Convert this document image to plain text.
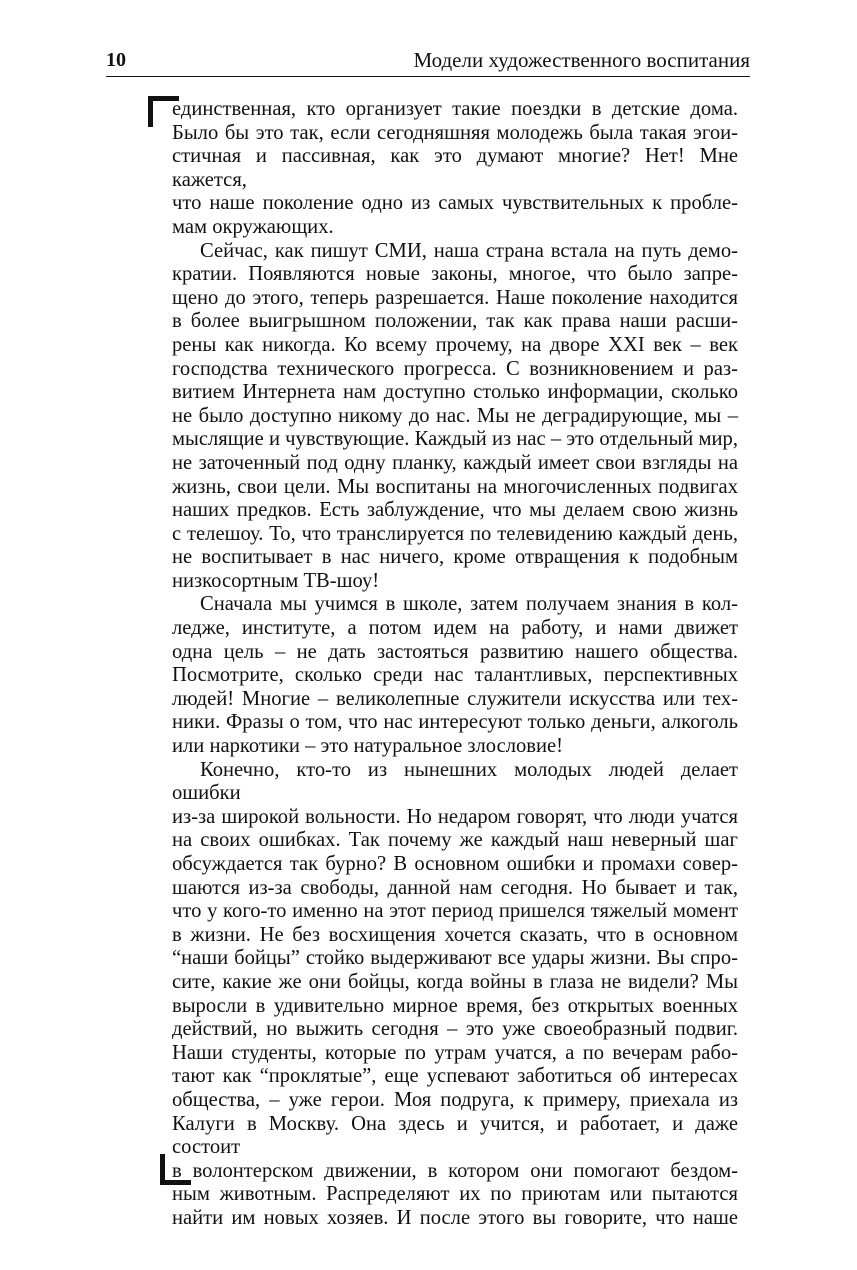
10	Модели художественного воспитания

единственная, кто организует такие поездки в детские дома.

Было бы это так, если сегодняшняя молодежь была такая эгои-

стичная и пассивная, как это думают многие? Нет! Мне кажется,

что наше поколение одно из самых чувствительных к пробле-

мам окружающих.

Сейчас, как пишут СМИ, наша страна встала на путь демо-

кратии. Появляются новые законы, многое, что было запре-

щено до этого, теперь разрешается. Наше поколение находится

в более выигрышном положении, так как права наши расши-

рены как никогда. Ко всему прочему, на дворе XXI век – век

господства технического прогресса. С возникновением и раз-

витием Интернета нам доступно столько информации, сколько

не было доступно никому до нас. Мы не деградирующие, мы –

мыслящие и чувствующие. Каждый из нас – это отдельный мир,

не заточенный под одну планку, каждый имеет свои взгляды на

жизнь, свои цели. Мы воспитаны на многочисленных подвигах

наших предков. Есть заблуждение, что мы делаем свою жизнь

с телешоу. То, что транслируется по телевидению каждый день,

не воспитывает в нас ничего, кроме отвращения к подобным

низкосортным ТВ-шоу!

Сначала мы учимся в школе, затем получаем знания в кол-

ледже, институте, а потом идем на работу, и нами движет

одна цель – не дать застояться развитию нашего общества.

Посмотрите, сколько среди нас талантливых, перспективных

людей! Многие – великолепные служители искусства или тех-

ники. Фразы о том, что нас интересуют только деньги, алкоголь

или наркотики – это натуральное злословие!

Конечно, кто-то из нынешних молодых людей делает ошибки

из-за широкой вольности. Но недаром говорят, что люди учатся

на своих ошибках. Так почему же каждый наш неверный шаг

обсуждается так бурно? В основном ошибки и промахи совер-

шаются из-за свободы, данной нам сегодня. Но бывает и так,

что у кого-то именно на этот период пришелся тяжелый момент

в жизни. Не без восхищения хочется сказать, что в основном

“наши бойцы” стойко выдерживают все удары жизни. Вы спро-

сите, какие же они бойцы, когда войны в глаза не видели? Мы

выросли в удивительно мирное время, без открытых военных

действий, но выжить сегодня – это уже своеобразный подвиг.

Наши студенты, которые по утрам учатся, а по вечерам рабо-

тают как “проклятые”, еще успевают заботиться об интересах

общества, – уже герои. Моя подруга, к примеру, приехала из

Калуги в Москву. Она здесь и учится, и работает, и даже состоит

в волонтерском движении, в котором они помогают бездом-

ным животным. Распределяют их по приютам или пытаются

найти им новых хозяев. И после этого вы говорите, что наше
